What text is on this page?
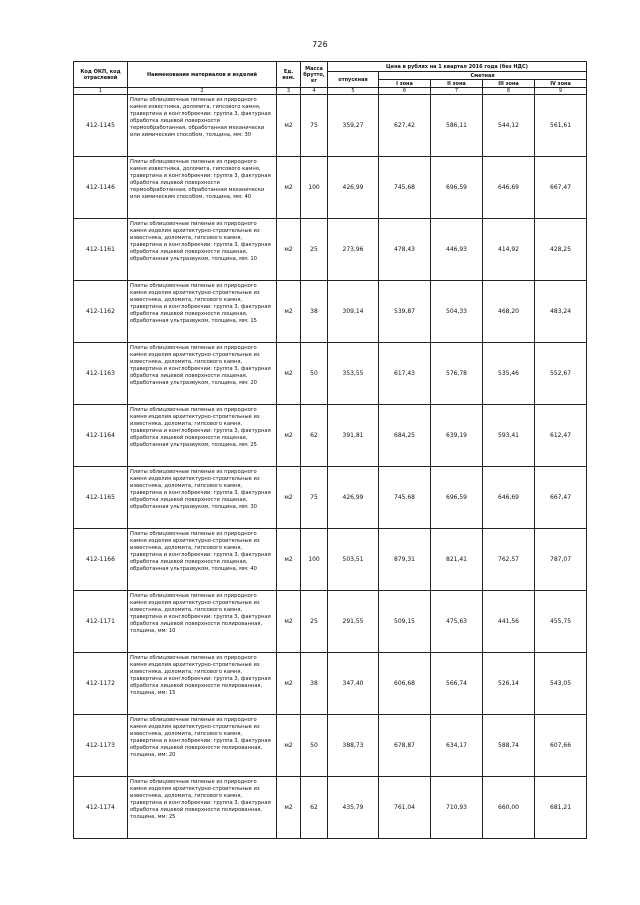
726
Код ОКП, код отраслевой	Наименование материалов и изделий	Ед. изм.	Масса брутто, кг	Цена в рублях на 1 квартал 2016 года (без НДС)				
				отпускная	Сметная			
					I зона	II зона	III зона	IV зона
1	2	3	4	5	6	7	8	9
412-1145	Плиты облицовочные пиленые из природного камня известняка, доломита, гипсового камня, травертина и конглобрекчии: группа 3, фактурная обработка лицевой поверхности термообработанная, обработанная механически или химическим способом, толщина, мм: 30	м2	75	359,27	627,42	586,11	544,12	561,61
412-1146	Плиты облицовочные пиленые из природного камня известняка, доломита, гипсового камня, травертина и конглобрекчии: группа 3, фактурная обработка лицевой поверхности термообработанная, обработанная механически или химическим способом, толщина, мм: 40	м2	100	426,99	745,68	696,59	646,69	667,47
412-1161	Плиты облицовочные пиленые из природного камня изделия архитектурно-строительные из известняка, доломита, гипсового камня, травертина и конглобрекчии: группа 3, фактурная обработка лицевой поверхности лощеная, обработанная ультразвуком, толщина, мм: 10	м2	25	273,96	478,43	446,93	414,92	428,25
412-1162	Плиты облицовочные пиленые из природного камня изделия архитектурно-строительные из известняка, доломита, гипсового камня, травертина и конглобрекчии: группа 3, фактурная обработка лицевой поверхности лощеная, обработанная ультразвуком, толщина, мм: 15	м2	38	309,14	539,87	504,33	468,20	483,24
412-1163	Плиты облицовочные пиленые из природного камня изделия архитектурно-строительные из известняка, доломита, гипсового камня, травертина и конглобрекчии: группа 3, фактурная обработка лицевой поверхности лощеная, обработанная ультразвуком, толщина, мм: 20	м2	50	353,55	617,43	576,78	535,46	552,67
412-1164	Плиты облицовочные пиленые из природного камня изделия архитектурно-строительные из известняка, доломита, гипсового камня, травертина и конглобрекчии: группа 3, фактурная обработка лицевой поверхности лощеная, обработанная ультразвуком, толщина, мм: 25	м2	62	391,81	684,25	639,19	593,41	612,47
412-1165	Плиты облицовочные пиленые из природного камня изделия архитектурно-строительные из известняка, доломита, гипсового камня, травертина и конглобрекчии: группа 3, фактурная обработка лицевой поверхности лощеная, обработанная ультразвуком, толщина, мм: 30	м2	75	426,99	745,68	696,59	646,69	667,47
412-1166	Плиты облицовочные пиленые из природного камня изделия архитектурно-строительные из известняка, доломита, гипсового камня, травертина и конглобрекчии: группа 3, фактурная обработка лицевой поверхности лощеная, обработанная ультразвуком, толщина, мм: 40	м2	100	503,51	879,31	821,41	762,57	787,07
412-1171	Плиты облицовочные пиленые из природного камня изделия архитектурно-строительные из известняка, доломита, гипсового камня, травертина и конглобрекчии: группа 3, фактурная обработка лицевой поверхности полированная, толщина, мм: 10	м2	25	291,55	509,15	475,63	441,56	455,75
412-1172	Плиты облицовочные пиленые из природного камня изделия архитектурно-строительные из известняка, доломита, гипсового камня, травертина и конглобрекчии: группа 3, фактурная обработка лицевой поверхности полированная, толщина, мм: 15	м2	38	347,40	606,68	566,74	526,14	543,05
412-1173	Плиты облицовочные пиленые из природного камня изделия архитектурно-строительные из известняка, доломита, гипсового камня, травертина и конглобрекчии: группа 3, фактурная обработка лицевой поверхности полированная, толщина, мм: 20	м2	50	388,73	678,87	634,17	588,74	607,66
412-1174	Плиты облицовочные пиленые из природного камня изделия архитектурно-строительные из известняка, доломита, гипсового камня, травертина и конглобрекчии: группа 3, фактурная обработка лицевой поверхности полированная, толщина, мм: 25	м2	62	435,79	761,04	710,93	660,00	681,21
